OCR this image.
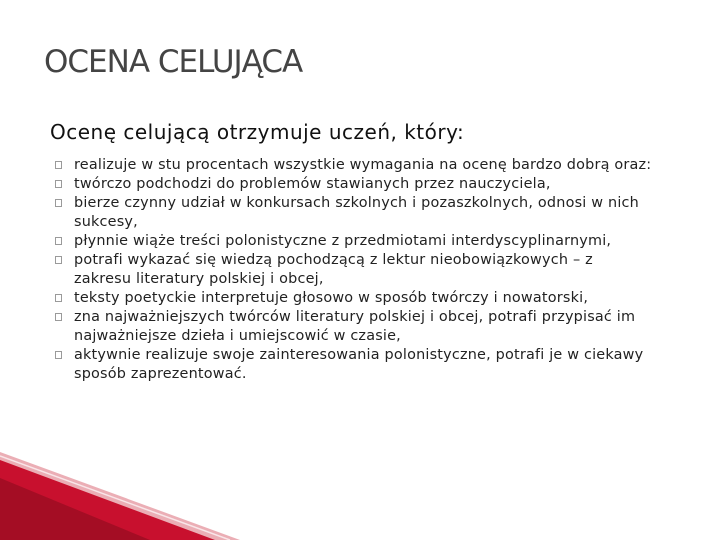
OCENA CELUJĄCA

Ocenę celującą otrzymuje uczeń, który:

realizuje w stu procentach wszystkie wymagania na ocenę bardzo dobrą oraz:
twórczo podchodzi do problemów stawianych przez nauczyciela,
bierze czynny udział w konkursach szkolnych i pozaszkolnych, odnosi w nich sukcesy,
płynnie wiąże treści polonistyczne z przedmiotami interdyscyplinarnymi,
potrafi wykazać się wiedzą pochodzącą z lektur nieobowiązkowych – z zakresu literatury polskiej i obcej,
teksty poetyckie interpretuje głosowo w sposób twórczy i nowatorski,
zna najważniejszych twórców literatury polskiej i obcej, potrafi przypisać im najważniejsze dzieła i umiejscowić w czasie,
aktywnie realizuje swoje zainteresowania polonistyczne, potrafi je w ciekawy sposób zaprezentować.
